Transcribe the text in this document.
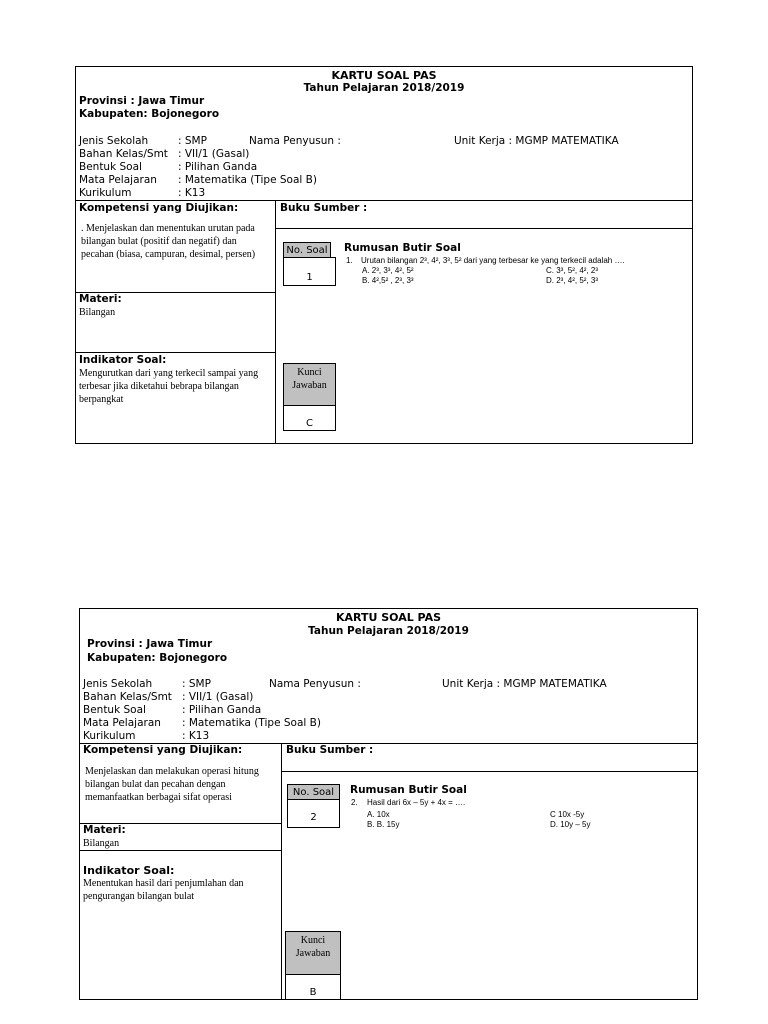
KARTU SOAL PAS
Tahun Pelajaran 2018/2019
Provinsi : Jawa Timur
Kabupaten: Bojonegoro
Jenis Sekolah	: SMP	Nama Penyusun :	Unit Kerja : MGMP MATEMATIKA
Bahan Kelas/Smt : VII/1 (Gasal)
Bentuk Soal	: Pilihan Ganda
Mata Pelajaran : Matematika (Tipe Soal B)
Kurikulum	: K13
Kompetensi yang Diujikan:
. Menjelaskan dan menentukan urutan pada bilangan bulat (positif dan negatif) dan pecahan (biasa, campuran, desimal, persen)
Buku Sumber :
No. Soal
1
Rumusan Butir Soal
1. Urutan bilangan 2³, 4², 3³, 5² dari yang terbesar ke yang terkecil adalah ….
A. 2³, 3³, 4², 5²
B. 4²,5² , 2³, 3³
C. 3³, 5², 4², 2³
D. 2³, 4², 5², 3³
Materi:
Bilangan
Indikator Soal:
Mengurutkan dari yang terkecil sampai yang terbesar jika diketahui bebrapa bilangan berpangkat
Kunci Jawaban
C
KARTU SOAL PAS
Tahun Pelajaran 2018/2019
Provinsi : Jawa Timur
Kabupaten: Bojonegoro
Jenis Sekolah	: SMP	Nama Penyusun :	Unit Kerja : MGMP MATEMATIKA
Bahan Kelas/Smt : VII/1 (Gasal)
Bentuk Soal	: Pilihan Ganda
Mata Pelajaran : Matematika (Tipe Soal B)
Kurikulum	: K13
Kompetensi yang Diujikan:
Menjelaskan dan melakukan operasi hitung bilangan bulat dan pecahan dengan memanfaatkan berbagai sifat operasi
Buku Sumber :
No. Soal
2
Rumusan Butir Soal
2. Hasil dari 6x – 5y + 4x = ….
A. 10x
B. B. 15y
C 10x -5y
D. 10y – 5y
Materi:
Bilangan
Indikator Soal:
Menentukan hasil dari penjumlahan dan pengurangan bilangan bulat
Kunci Jawaban
B
